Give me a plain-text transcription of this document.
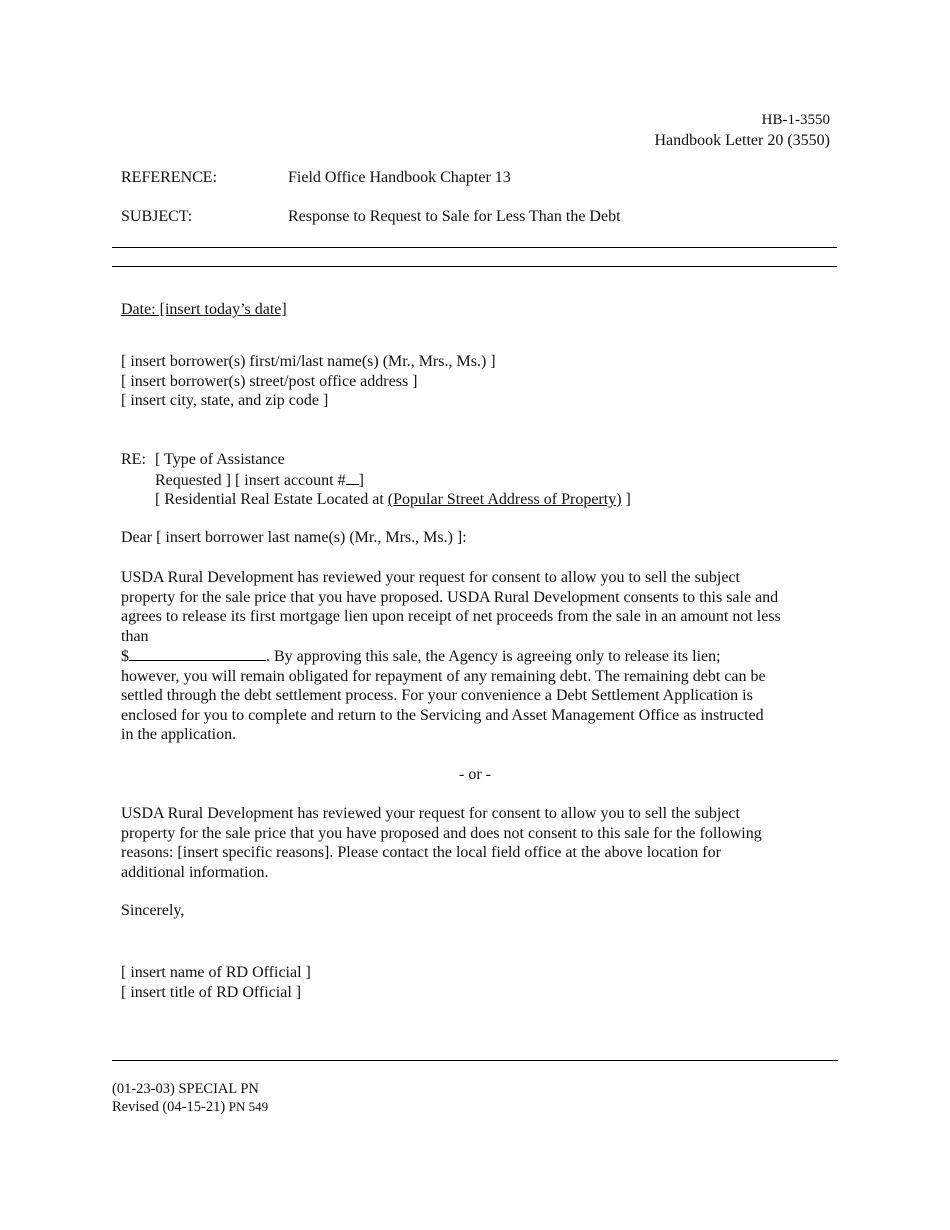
HB-1-3550
Handbook Letter 20 (3550)
REFERENCE:	Field Office Handbook Chapter 13
SUBJECT:	Response to Request to Sale for Less Than the Debt
Date: [insert today’s date]
[ insert borrower(s) first/mi/last name(s) (Mr., Mrs., Ms.) ]
[ insert borrower(s) street/post office address ]
[ insert city, state, and zip code ]
RE: [ Type of Assistance
Requested ] [ insert account # ]
[ Residential Real Estate Located at (Popular Street Address of Property) ]
Dear [ insert borrower last name(s) (Mr., Mrs., Ms.) ]:
USDA Rural Development has reviewed your request for consent to allow you to sell the subject
property for the sale price that you have proposed. USDA Rural Development consents to this sale and
agrees to release its first mortgage lien upon receipt of net proceeds from the sale in an amount not less
than
$	. By approving this sale, the Agency is agreeing only to release its lien;
however, you will remain obligated for repayment of any remaining debt. The remaining debt can be
settled through the debt settlement process. For your convenience a Debt Settlement Application is
enclosed for you to complete and return to the Servicing and Asset Management Office as instructed
in the application.
- or -
USDA Rural Development has reviewed your request for consent to allow you to sell the subject
property for the sale price that you have proposed and does not consent to this sale for the following
reasons: [insert specific reasons]. Please contact the local field office at the above location for
additional information.
Sincerely,
[ insert name of RD Official ]
[ insert title of RD Official ]
(01-23-03) SPECIAL PN
Revised (04-15-21) PN 549
